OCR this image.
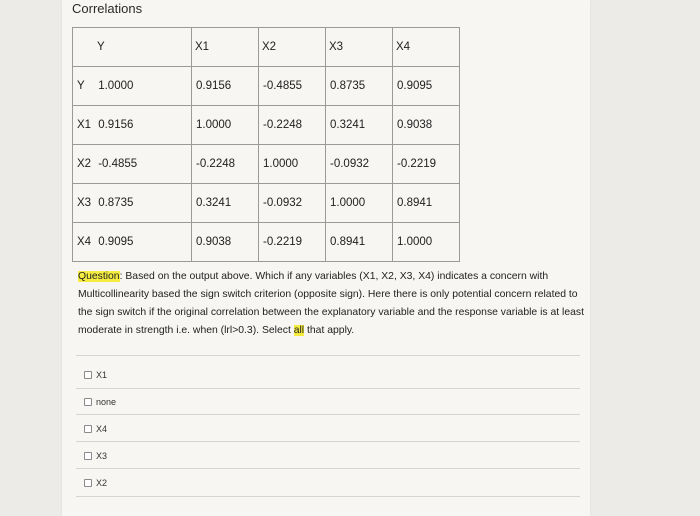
Correlations
Y	X1	X2	X3	X4
Y 1.0000	0.9156	-0.4855	0.8735	0.9095
X1 0.9156	1.0000	-0.2248	0.3241	0.9038
X2 -0.4855	-0.2248	1.0000	-0.0932	-0.2219
X3 0.8735	0.3241	-0.0932	1.0000	0.8941
X4 0.9095	0.9038	-0.2219	0.8941	1.0000
Question: Based on the output above. Which if any variables (X1, X2, X3, X4) indicates a concern with Multicollinearity based the sign switch criterion (opposite sign). Here there is only potential concern related to the sign switch if the original correlation between the explanatory variable and the response variable is at least moderate in strength i.e. when (lrl>0.3). Select all that apply.
X1
none
X4
X3
X2
